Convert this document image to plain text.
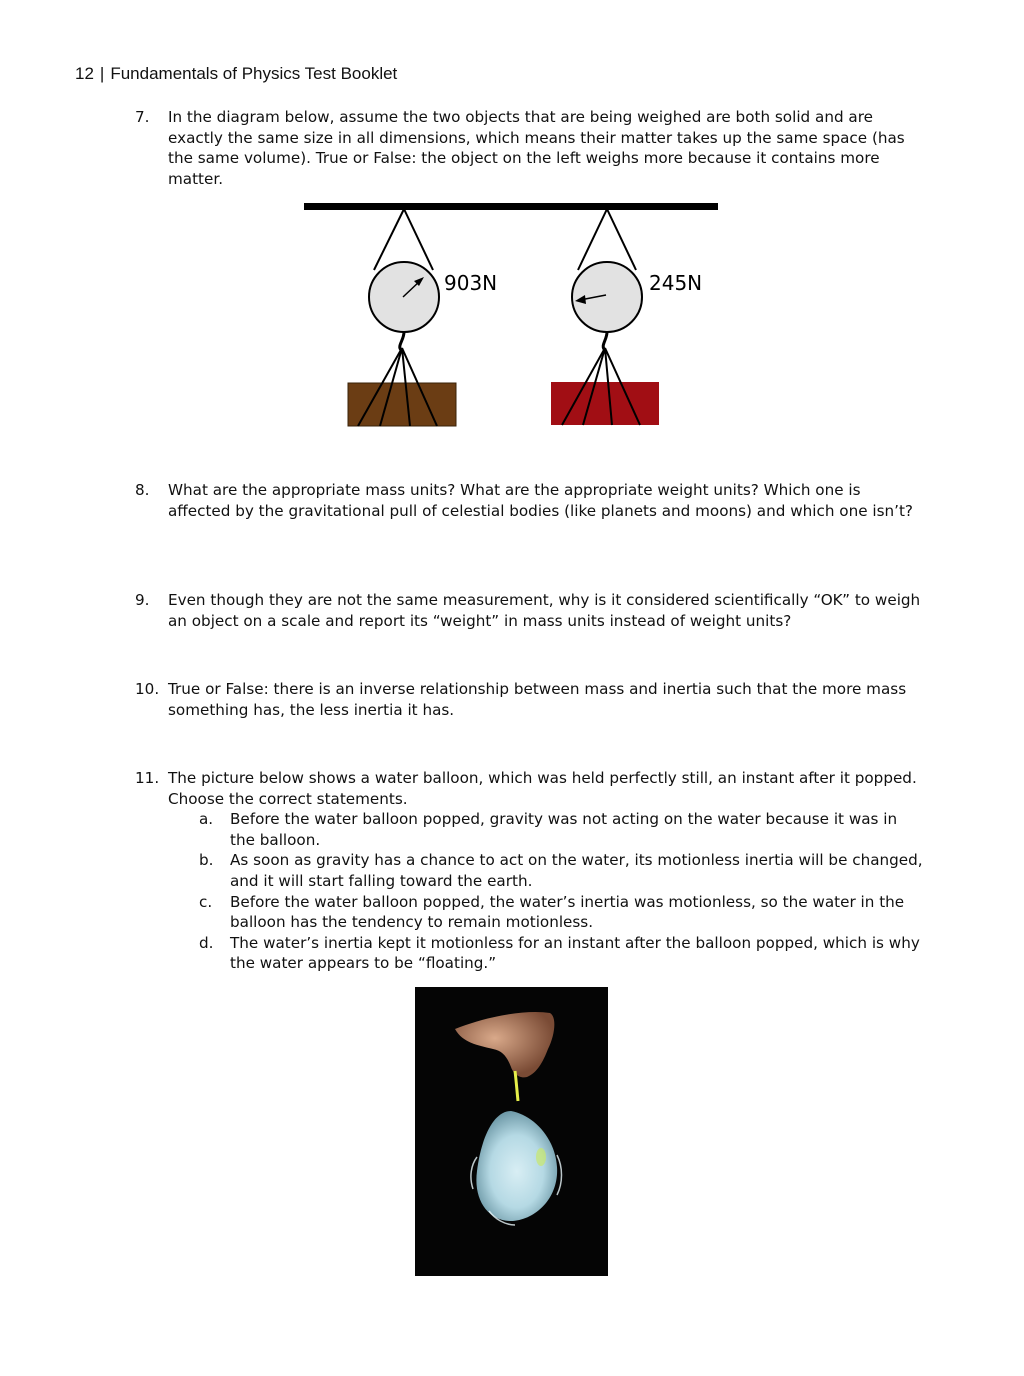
12 | Fundamentals of Physics Test Booklet
7. In the diagram below, assume the two objects that are being weighed are both solid and are exactly the same size in all dimensions, which means their matter takes up the same space (has the same volume). True or False: the object on the left weighs more because it contains more matter.
903N	245N
8. What are the appropriate mass units? What are the appropriate weight units? Which one is affected by the gravitational pull of celestial bodies (like planets and moons) and which one isn’t?
9. Even though they are not the same measurement, why is it considered scientifically “OK” to weigh an object on a scale and report its “weight” in mass units instead of weight units?
10. True or False: there is an inverse relationship between mass and inertia such that the more mass something has, the less inertia it has.
11. The picture below shows a water balloon, which was held perfectly still, an instant after it popped. Choose the correct statements.
a. Before the water balloon popped, gravity was not acting on the water because it was in the balloon.
b. As soon as gravity has a chance to act on the water, its motionless inertia will be changed, and it will start falling toward the earth.
c. Before the water balloon popped, the water’s inertia was motionless, so the water in the balloon has the tendency to remain motionless.
d. The water’s inertia kept it motionless for an instant after the balloon popped, which is why the water appears to be “floating.”
